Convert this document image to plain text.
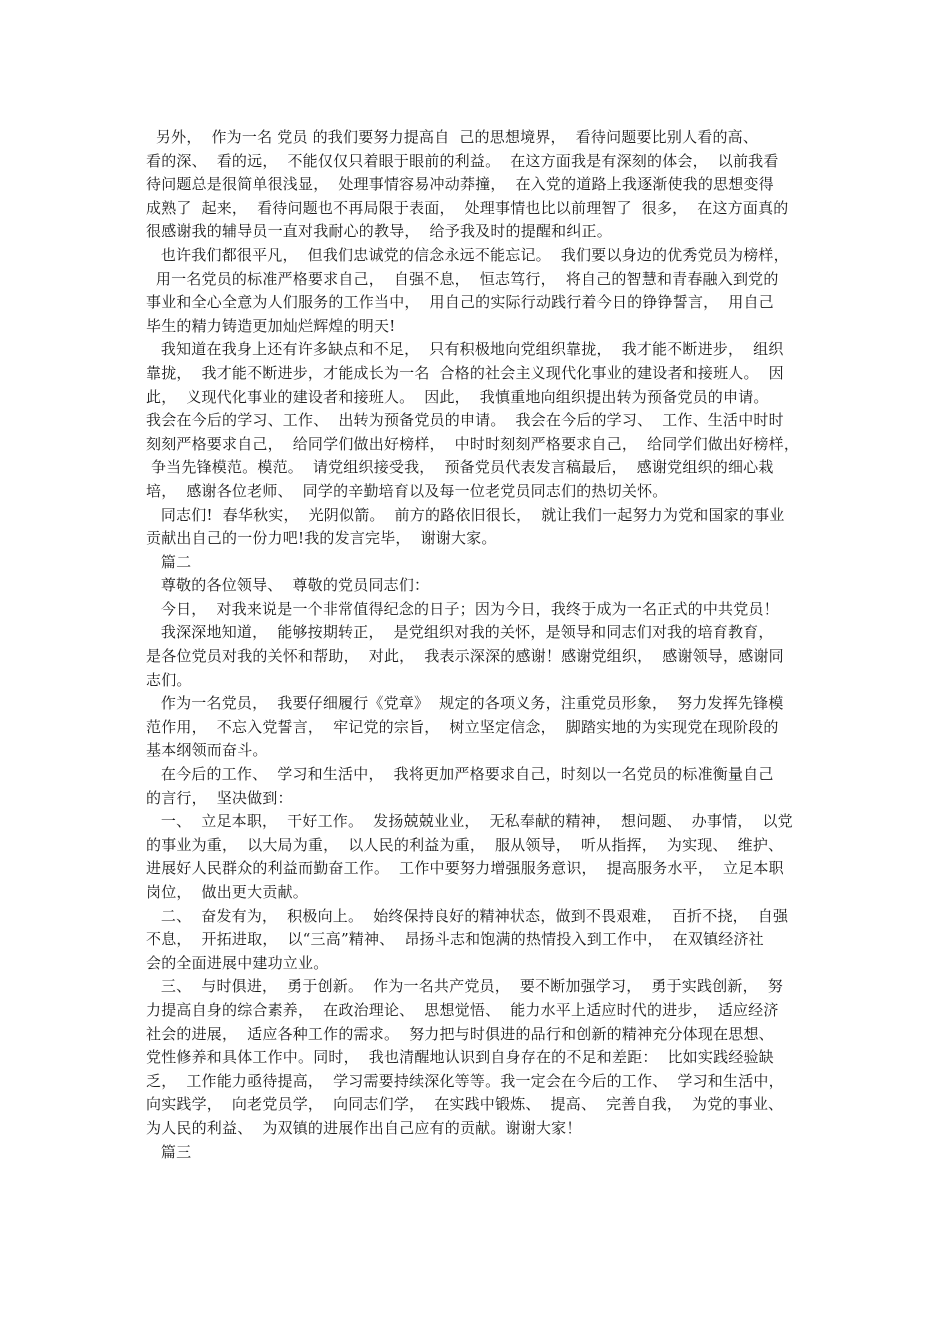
另外，  作为一名 党员 的我们要努力提高自  己的思想境界，  看待问题要比别人看的高、
看的深、  看的远，  不能仅仅只着眼于眼前的利益。  在这方面我是有深刻的体会，  以前我看
待问题总是很简单很浅显，  处理事情容易冲动莽撞，  在入党的道路上我逐渐使我的思想变得
成熟了  起来，  看待问题也不再局限于表面，  处理事情也比以前理智了  很多，  在这方面真的
很感谢我的辅导员一直对我耐心的教导，  给予我及时的提醒和纠正。
也许我们都很平凡，  但我们忠诚党的信念永远不能忘记。  我们要以身边的优秀党员为榜样，
用一名党员的标准严格要求自己，  自强不息，  恒志笃行，  将自己的智慧和青春融入到党的
事业和全心全意为人们服务的工作当中，  用自己的实际行动践行着今日的铮铮誓言，  用自己
毕生的精力铸造更加灿烂辉煌的明天!
我知道在我身上还有许多缺点和不足，  只有积极地向党组织靠拢，  我才能不断进步，  组织
靠拢，  我才能不断进步，才能成长为一名  合格的社会主义现代化事业的建设者和接班人。  因
此，  义现代化事业的建设者和接班人。  因此，  我慎重地向组织提出转为预备党员的申请。
我会在今后的学习、工作、  出转为预备党员的申请。  我会在今后的学习、  工作、生活中时时
刻刻严格要求自己，  给同学们做出好榜样，  中时时刻刻严格要求自己，  给同学们做出好榜样，
争当先锋模范。模范。  请党组织接受我，  预备党员代表发言稿最后，  感谢党组织的细心栽
培，  感谢各位老师、  同学的辛勤培育以及每一位老党员同志们的热切关怀。
同志们!  春华秋实，  光阴似箭。  前方的路依旧很长，  就让我们一起努力为党和国家的事业
贡献出自己的一份力吧!我的发言完毕，  谢谢大家。
篇二
尊敬的各位领导、  尊敬的党员同志们：
今日，  对我来说是一个非常值得纪念的日子；因为今日，我终于成为一名正式的中共党员！
我深深地知道，  能够按期转正，  是党组织对我的关怀，是领导和同志们对我的培育教育，
是各位党员对我的关怀和帮助，  对此，  我表示深深的感谢！感谢党组织，  感谢领导，感谢同
志们。
作为一名党员，  我要仔细履行《党章》  规定的各项义务，注重党员形象，  努力发挥先锋模
范作用，  不忘入党誓言，  牢记党的宗旨，  树立坚定信念，  脚踏实地的为实现党在现阶段的
基本纲领而奋斗。
在今后的工作、  学习和生活中，  我将更加严格要求自己，时刻以一名党员的标准衡量自己
的言行，  坚决做到：
一、  立足本职，  干好工作。  发扬兢兢业业，  无私奉献的精神，  想问题、  办事情，  以党
的事业为重，  以大局为重，  以人民的利益为重，  服从领导，  听从指挥，  为实现、  维护、
进展好人民群众的利益而勤奋工作。  工作中要努力增强服务意识，  提高服务水平，  立足本职
岗位，  做出更大贡献。
二、  奋发有为，  积极向上。  始终保持良好的精神状态，做到不畏艰难，  百折不挠，  自强
不息，  开拓进取，  以“三高”精神、  昂扬斗志和饱满的热情投入到工作中，  在双镇经济社
会的全面进展中建功立业。
三、  与时俱进，  勇于创新。  作为一名共产党员，  要不断加强学习，  勇于实践创新，  努
力提高自身的综合素养，  在政治理论、  思想觉悟、  能力水平上适应时代的进步，  适应经济
社会的进展，  适应各种工作的需求。  努力把与时俱进的品行和创新的精神充分体现在思想、
党性修养和具体工作中。同时，  我也清醒地认识到自身存在的不足和差距：  比如实践经验缺
乏，  工作能力亟待提高，  学习需要持续深化等等。我一定会在今后的工作、  学习和生活中，
向实践学，  向老党员学，  向同志们学，  在实践中锻炼、  提高、  完善自我，  为党的事业、
为人民的利益、  为双镇的进展作出自己应有的贡献。谢谢大家！
篇三
